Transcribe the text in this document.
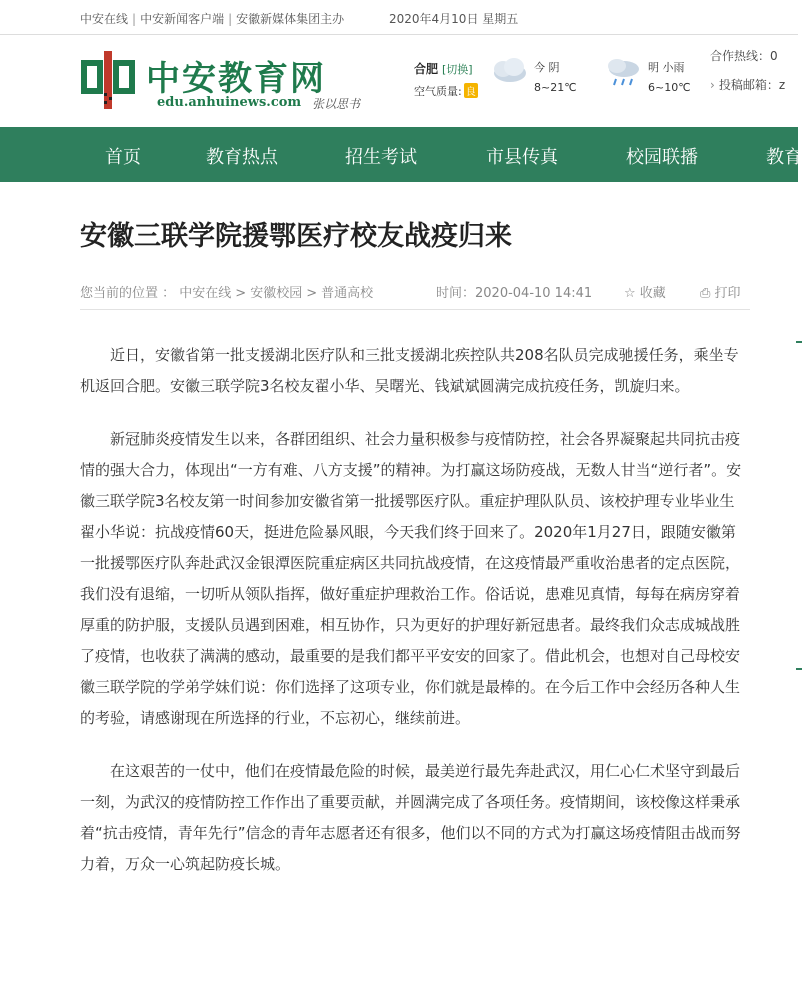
中安在线 | 中安新闻客户端 | 安徽新媒体集团主办	2020年4月10日 星期五
中安教育网
edu.anhuinews.com 张以思书
合肥 [切换]
空气质量: 良
今 阴
8~21℃
明 小雨
6~10℃
合作热线：0
› 投稿邮箱：z
首页	教育热点	招生考试	市县传真	校园联播	教育
安徽三联学院援鄂医疗校友战疫归来
您当前的位置 ： 中安在线 > 安徽校园 > 普通高校	时间：2020-04-10 14:41 ☆ 收藏	⎙ 打印

近日，安徽省第一批支援湖北医疗队和三批支援湖北疾控队共208名队员完成驰援任务，乘坐专机返回合肥。安徽三联学院3名校友翟小华、吴曙光、钱斌斌圆满完成抗疫任务，凯旋归来。

新冠肺炎疫情发生以来，各群团组织、社会力量积极参与疫情防控，社会各界凝聚起共同抗击疫情的强大合力，体现出“一方有难、八方支援”的精神。为打赢这场防疫战，无数人甘当“逆行者”。安徽三联学院3名校友第一时间参加安徽省第一批援鄂医疗队。重症护理队队员、该校护理专业毕业生翟小华说：抗战疫情60天，挺进危险暴风眼，今天我们终于回来了。2020年1月27日，跟随安徽第一批援鄂医疗队奔赴武汉金银潭医院重症病区共同抗战疫情，在这疫情最严重收治患者的定点医院，我们没有退缩，一切听从领队指挥，做好重症护理救治工作。俗话说，患难见真情，每每在病房穿着厚重的防护服，支援队员遇到困难，相互协作，只为更好的护理好新冠患者。最终我们众志成城战胜了疫情，也收获了满满的感动，最重要的是我们都平平安安的回家了。借此机会，也想对自己母校安徽三联学院的学弟学妹们说：你们选择了这项专业，你们就是最棒的。在今后工作中会经历各种人生的考验，请感谢现在所选择的行业，不忘初心，继续前进。

在这艰苦的一仗中，他们在疫情最危险的时候，最美逆行最先奔赴武汉，用仁心仁术坚守到最后一刻，为武汉的疫情防控工作作出了重要贡献，并圆满完成了各项任务。疫情期间，该校像这样秉承着“抗击疫情，青年先行”信念的青年志愿者还有很多，他们以不同的方式为打赢这场疫情阻击战而努力着，万众一心筑起防疫长城。
